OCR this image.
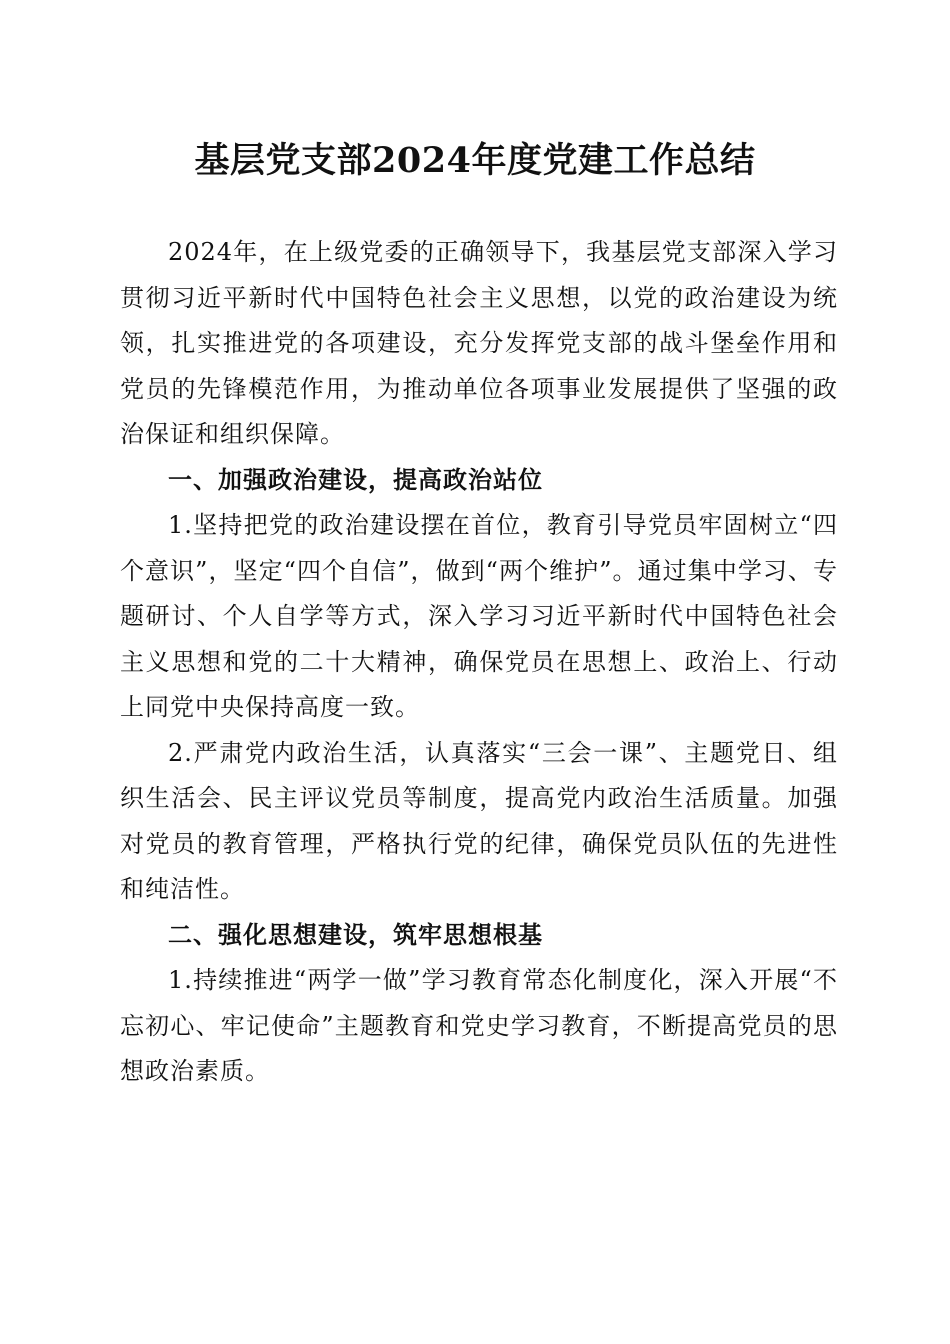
基层党支部2024年度党建工作总结

2024年，在上级党委的正确领导下，我基层党支部深入学习贯彻习近平新时代中国特色社会主义思想，以党的政治建设为统领，扎实推进党的各项建设，充分发挥党支部的战斗堡垒作用和党员的先锋模范作用，为推动单位各项事业发展提供了坚强的政治保证和组织保障。

一、加强政治建设，提高政治站位

1.坚持把党的政治建设摆在首位，教育引导党员牢固树立“四个意识”，坚定“四个自信”，做到“两个维护”。通过集中学习、专题研讨、个人自学等方式，深入学习习近平新时代中国特色社会主义思想和党的二十大精神，确保党员在思想上、政治上、行动上同党中央保持高度一致。

2.严肃党内政治生活，认真落实“三会一课”、主题党日、组织生活会、民主评议党员等制度，提高党内政治生活质量。加强对党员的教育管理，严格执行党的纪律，确保党员队伍的先进性和纯洁性。

二、强化思想建设，筑牢思想根基

1.持续推进“两学一做”学习教育常态化制度化，深入开展“不忘初心、牢记使命”主题教育和党史学习教育，不断提高党员的思想政治素质。
